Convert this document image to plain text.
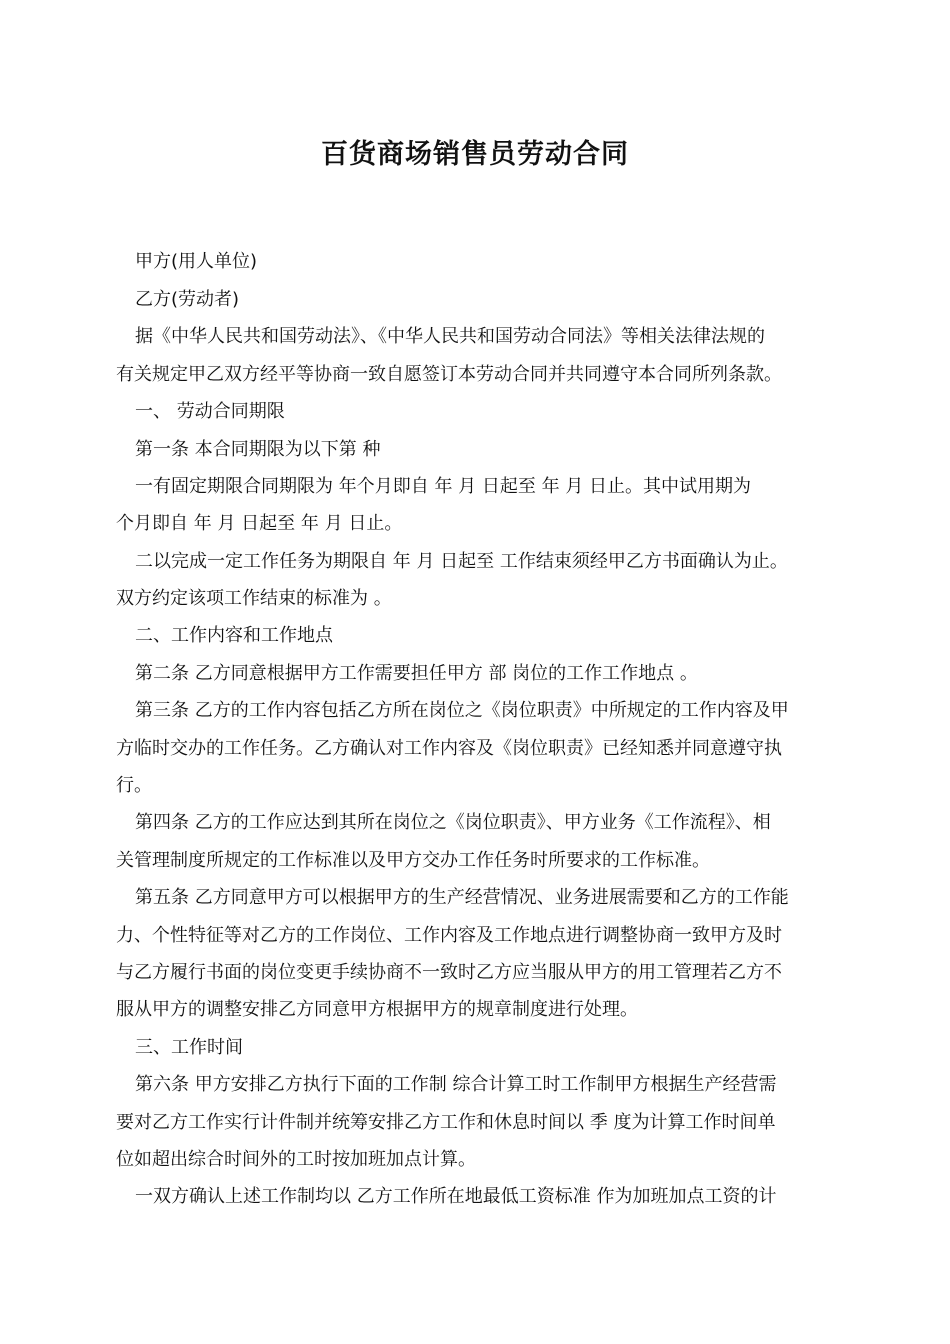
百货商场销售员劳动合同

甲方(用人单位)

乙方(劳动者)

据《中华人民共和国劳动法》、《中华人民共和国劳动合同法》等相关法律法规的

有关规定甲乙双方经平等协商一致自愿签订本劳动合同并共同遵守本合同所列条款。

一、 劳动合同期限

第一条 本合同期限为以下第 种

一有固定期限合同期限为 年个月即自 年 月 日起至 年 月 日止。其中试用期为

个月即自 年 月 日起至 年 月 日止。

二以完成一定工作任务为期限自 年 月 日起至 工作结束须经甲乙方书面确认为止。

双方约定该项工作结束的标准为 。

二、工作内容和工作地点

第二条 乙方同意根据甲方工作需要担任甲方 部 岗位的工作工作地点 。

第三条 乙方的工作内容包括乙方所在岗位之《岗位职责》中所规定的工作内容及甲

方临时交办的工作任务。乙方确认对工作内容及《岗位职责》已经知悉并同意遵守执

行。

第四条 乙方的工作应达到其所在岗位之《岗位职责》、甲方业务《工作流程》、相

关管理制度所规定的工作标准以及甲方交办工作任务时所要求的工作标准。

第五条 乙方同意甲方可以根据甲方的生产经营情况、业务进展需要和乙方的工作能

力、个性特征等对乙方的工作岗位、工作内容及工作地点进行调整协商一致甲方及时

与乙方履行书面的岗位变更手续协商不一致时乙方应当服从甲方的用工管理若乙方不

服从甲方的调整安排乙方同意甲方根据甲方的规章制度进行处理。

三、工作时间

第六条 甲方安排乙方执行下面的工作制 综合计算工时工作制甲方根据生产经营需

要对乙方工作实行计件制并统筹安排乙方工作和休息时间以 季 度为计算工作时间单

位如超出综合时间外的工时按加班加点计算。

一双方确认上述工作制均以 乙方工作所在地最低工资标准 作为加班加点工资的计
